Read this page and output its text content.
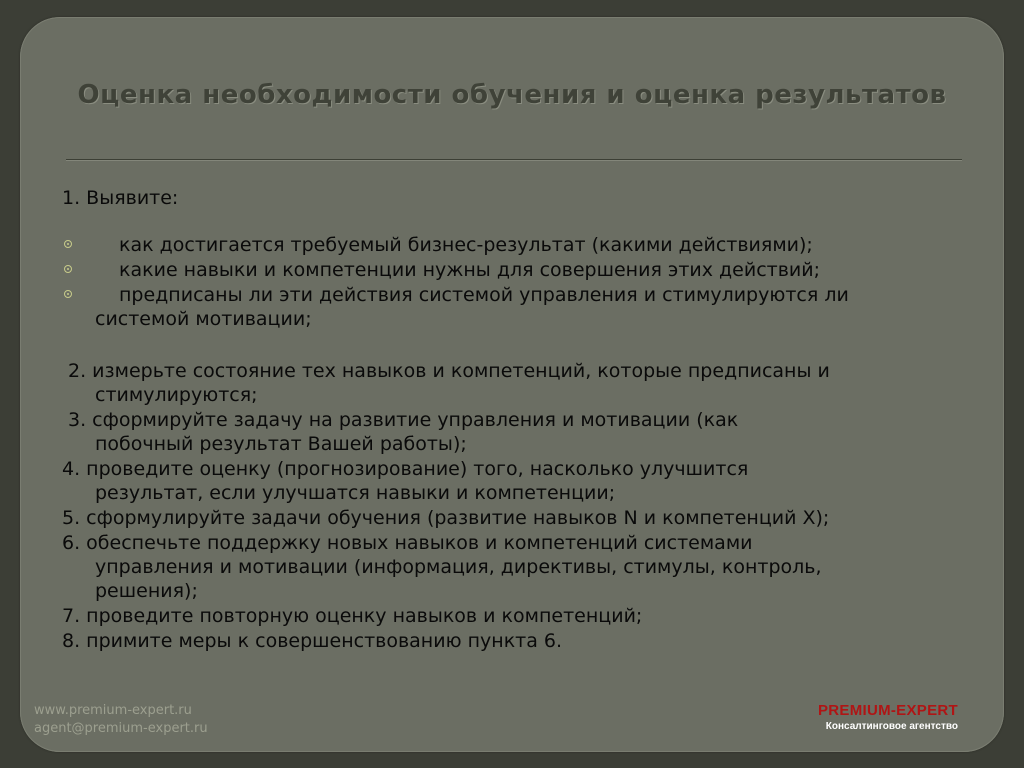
Оценка необходимости обучения и оценка результатов
1. Выявите:
как достигается требуемый бизнес-результат (какими действиями);
какие навыки и компетенции нужны для совершения этих действий;
предписаны ли эти действия системой управления и стимулируются ли
системой мотивации;
2. измерьте состояние тех навыков и компетенций, которые предписаны и
стимулируются;
3. сформируйте задачу на развитие управления и мотивации (как
побочный результат Вашей работы);
4. проведите оценку (прогнозирование) того, насколько улучшится
результат, если улучшатся навыки и компетенции;
5. сформулируйте задачи обучения (развитие навыков N и компетенций X);
6. обеспечьте поддержку новых навыков и компетенций системами
управления и мотивации (информация, директивы, стимулы, контроль,
решения);
7. проведите повторную оценку навыков и компетенций;
8. примите меры к совершенствованию пункта 6.
www.premium-expert.ru
agent@premium-expert.ru
PREMIUM-EXPERT
Консалтинговое агентство
